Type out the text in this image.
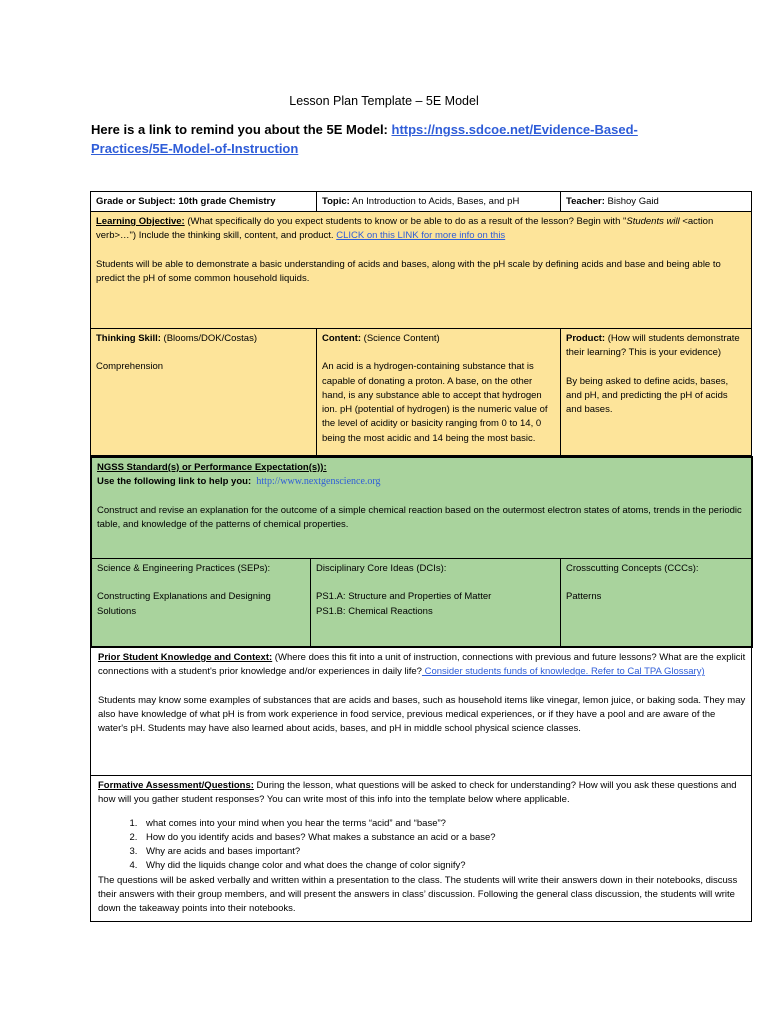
Lesson Plan Template – 5E Model
Here is a link to remind you about the 5E Model: https://ngss.sdcoe.net/Evidence-Based-Practices/5E-Model-of-Instruction
Grade or Subject: 10th grade Chemistry	Topic: An Introduction to Acids, Bases, and pH	Teacher: Bishoy Gaid

Learning Objective: (What specifically do you expect students to know or be able to do as a result of the lesson? Begin with "Students will <action verb>…") Include the thinking skill, content, and product. CLICK on this LINK for more info on this

Students will be able to demonstrate a basic understanding of acids and bases, along with the pH scale by defining acids and base and being able to predict the pH of some common household liquids.

Thinking Skill: (Blooms/DOK/Costas)

Comprehension

Content: (Science Content)

An acid is a hydrogen-containing substance that is capable of donating a proton. A base, on the other hand, is any substance able to accept that hydrogen ion. pH (potential of hydrogen) is the numeric value of the level of acidity or basicity ranging from 0 to 14, 0 being the most acidic and 14 being the most basic.

Product: (How will students demonstrate their learning? This is your evidence)

By being asked to define acids, bases, and pH, and predicting the pH of acids and bases.

NGSS Standard(s) or Performance Expectation(s)):

Use the following link to help you: http://www.nextgenscience.org

Construct and revise an explanation for the outcome of a simple chemical reaction based on the outermost electron states of atoms, trends in the periodic table, and knowledge of the patterns of chemical properties.

Science & Engineering Practices (SEPs):

Constructing Explanations and Designing Solutions

Disciplinary Core Ideas (DCIs):

PS1.A: Structure and Properties of Matter

PS1.B: Chemical Reactions

Crosscutting Concepts (CCCs):

Patterns

Prior Student Knowledge and Context: (Where does this fit into a unit of instruction, connections with previous and future lessons? What are the explicit connections with a student's prior knowledge and/or experiences in daily life? Consider students funds of knowledge. Refer to Cal TPA Glossary)

Students may know some examples of substances that are acids and bases, such as household items like vinegar, lemon juice, or baking soda. They may also have knowledge of what pH is from work experience in food service, previous medical experiences, or if they have a pool and are aware of the water's pH. Students may have also learned about acids, bases, and pH in middle school physical science classes.

Formative Assessment/Questions: During the lesson, what questions will be asked to check for understanding? How will you ask these questions and how will you gather student responses? You can write most of this info into the template below where applicable.

1. what comes into your mind when you hear the terms “acid” and “base”?
2. How do you identify acids and bases? What makes a substance an acid or a base?
3. Why are acids and bases important?
4. Why did the liquids change color and what does the change of color signify?

The questions will be asked verbally and written within a presentation to the class. The students will write their answers down in their notebooks, discuss their answers with their group members, and will present the answers in class’ discussion. Following the general class discussion, the students will write down the takeaway points into their notebooks.
